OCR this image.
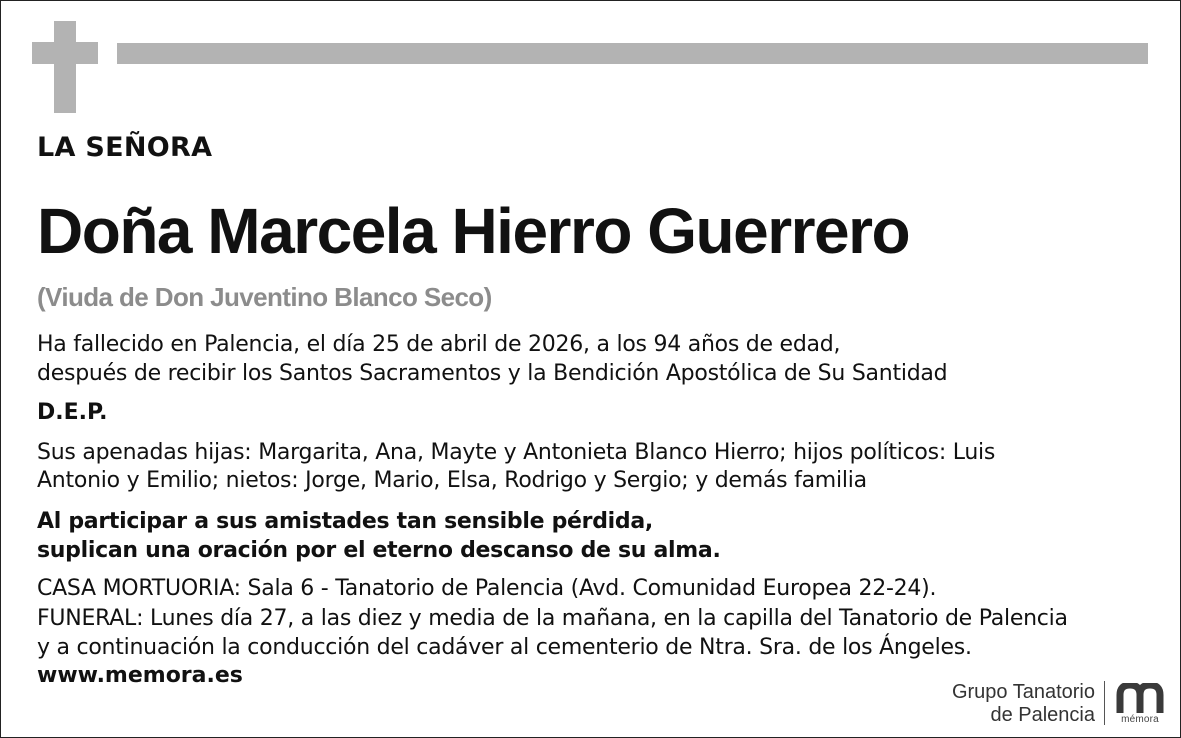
LA SEÑORA

Doña Marcela Hierro Guerrero

(Viuda de Don Juventino Blanco Seco)

Ha fallecido en Palencia, el día 25 de abril de 2026, a los 94 años de edad,

después de recibir los Santos Sacramentos y la Bendición Apostólica de Su Santidad

D.E.P.

Sus apenadas hijas: Margarita, Ana, Mayte y Antonieta Blanco Hierro; hijos políticos: Luis

Antonio y Emilio; nietos: Jorge, Mario, Elsa, Rodrigo y Sergio; y demás familia

Al participar a sus amistades tan sensible pérdida,

suplican una oración por el eterno descanso de su alma.

CASA MORTUORIA: Sala 6 - Tanatorio de Palencia (Avd. Comunidad Europea 22-24).

FUNERAL: Lunes día 27, a las diez y media de la mañana, en la capilla del Tanatorio de Palencia

y a continuación la conducción del cadáver al cementerio de Ntra. Sra. de los Ángeles.

www.memora.es
Grupo Tanatorio
de Palencia	mémora
